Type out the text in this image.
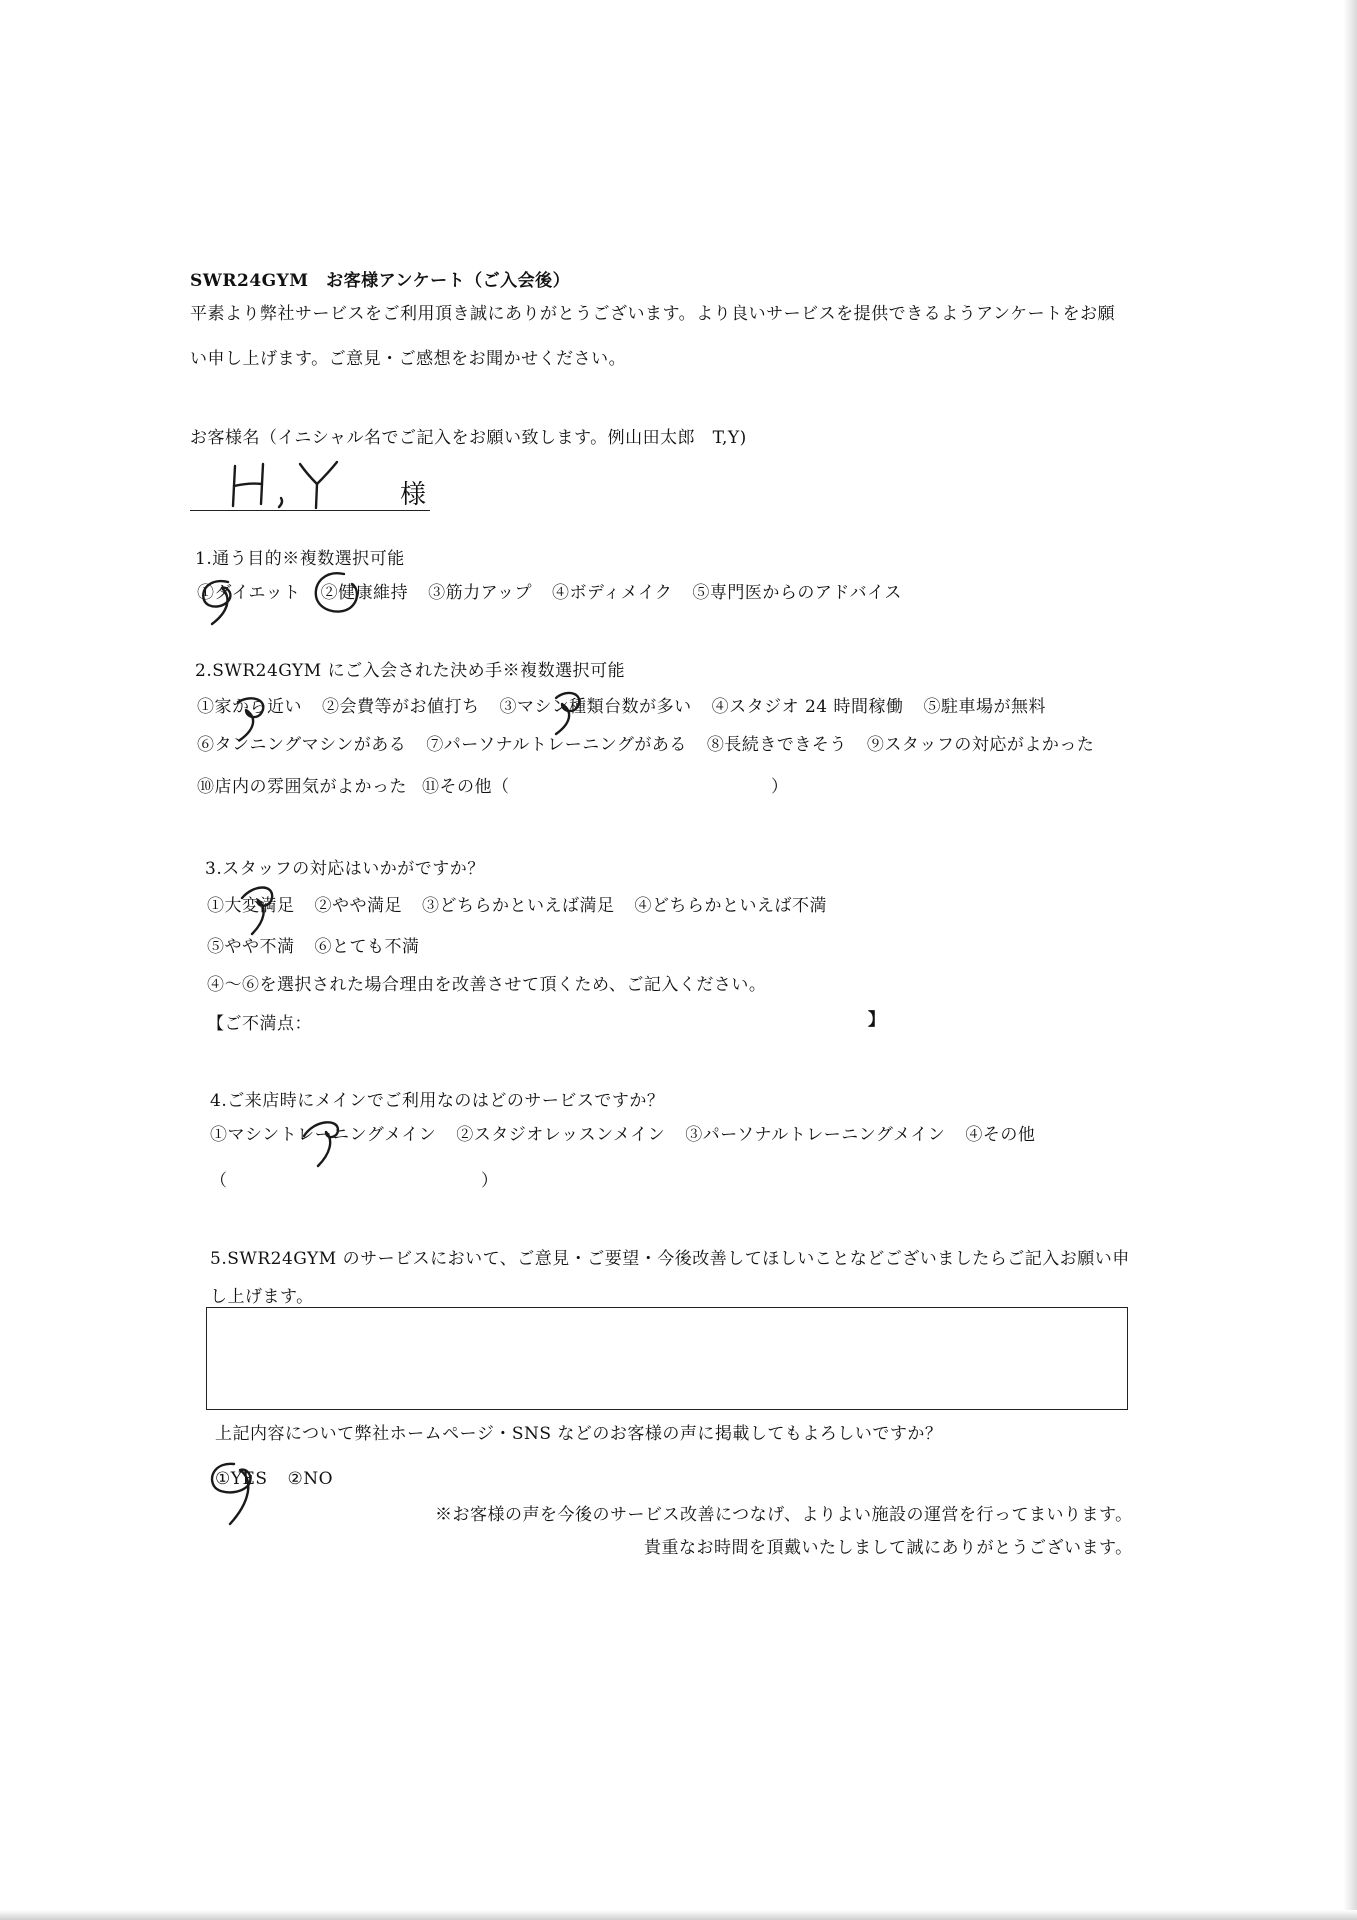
SWR24GYM　お客様アンケート（ご入会後）
平素より弊社サービスをご利用頂き誠にありがとうございます。より良いサービスを提供できるようアンケートをお願
い申し上げます。ご意見・ご感想をお聞かせください。
お客様名（イニシャル名でご記入をお願い致します。例山田太郎　T,Y)
様
1.通う目的※複数選択可能
①ダイエット ②健康維持 ③筋力アップ ④ボディメイク ⑤専門医からのアドバイス
2.SWR24GYM にご入会された決め手※複数選択可能
①家から近い ②会費等がお値打ち ③マシン種類台数が多い ④スタジオ 24 時間稼働 ⑤駐車場が無料
⑥タンニングマシンがある ⑦パーソナルトレーニングがある ⑧長続きできそう ⑨スタッフの対応がよかった
⑩店内の雰囲気がよかった ⑪その他（	）
3.スタッフの対応はいかがですか？
①大変満足 ②やや満足 ③どちらかといえば満足 ④どちらかといえば不満
⑤やや不満 ⑥とても不満
④～⑥を選択された場合理由を改善させて頂くため、ご記入ください。
【ご不満点：	】
4.ご来店時にメインでご利用なのはどのサービスですか？
①マシントレーニングメイン ②スタジオレッスンメイン ③パーソナルトレーニングメイン ④その他
（	）
5.SWR24GYM のサービスにおいて、ご意見・ご要望・今後改善してほしいことなどございましたらご記入お願い申
し上げます。
上記内容について弊社ホームページ・SNS などのお客様の声に掲載してもよろしいですか？
①YES ②NO
※お客様の声を今後のサービス改善につなげ、よりよい施設の運営を行ってまいります。
貴重なお時間を頂戴いたしまして誠にありがとうございます。
